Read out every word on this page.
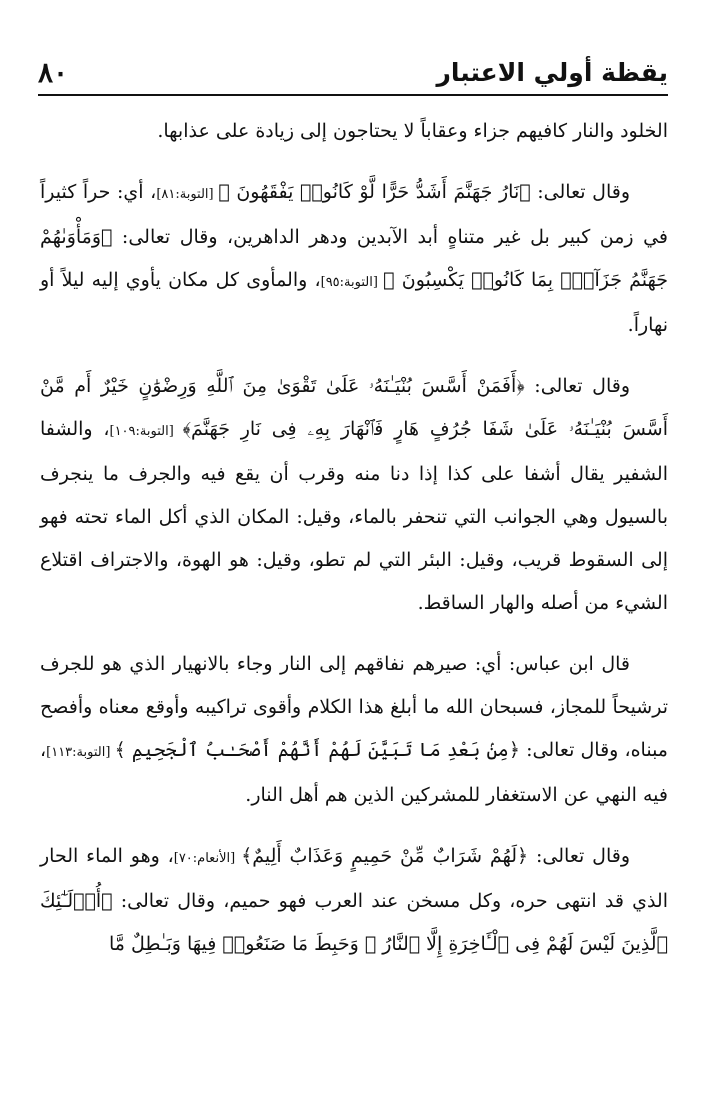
يقظة أولي الاعتبار
٨٠

الخلود والنار كافيهم جزاء وعقاباً لا يحتاجون إلى زيادة على عذابها.

وقال تعالى: ﴿نَارُ جَهَنَّمَ أَشَدُّ حَرًّا لَّوْ كَانُوا۟ يَفْقَهُونَ ﴾ [التوبة:٨١]، أي: حراً كثيراً في زمن كبير بل غير متناهٍ أبد الآبدين ودهر الداهرين، وقال تعالى: ﴿وَمَأْوَىٰهُمْ جَهَنَّمُ جَزَآءًۢ بِمَا كَانُوا۟ يَكْسِبُونَ ﴾ [التوبة:٩٥]، والمأوى كل مكان يأوي إليه ليلاً أو نهاراً.

وقال تعالى: ﴿أَفَمَنْ أَسَّسَ بُنْيَـٰنَهُۥ عَلَىٰ تَقْوَىٰ مِنَ ٱللَّهِ وَرِضْوَٰنٍ خَيْرٌ أَم مَّنْ أَسَّسَ بُنْيَـٰنَهُۥ عَلَىٰ شَفَا جُرُفٍ هَارٍ فَٱنْهَارَ بِهِۦ فِى نَارِ جَهَنَّمَ﴾ [التوبة:١٠٩]، والشفا الشفير يقال أشفا على كذا إذا دنا منه وقرب أن يقع فيه والجرف ما ينجرف بالسيول وهي الجوانب التي تنحفر بالماء، وقيل: المكان الذي أكل الماء تحته فهو إلى السقوط قريب، وقيل: البئر التي لم تطو، وقيل: هو الهوة، والاجتراف اقتلاع الشيء من أصله والهار الساقط.

قال ابن عباس: أي: صيرهم نفاقهم إلى النار وجاء بالانهيار الذي هو للجرف ترشيحاً للمجاز، فسبحان الله ما أبلغ هذا الكلام وأقوى تراكيبه وأوقع معناه وأفصح مبناه، وقال تعالى: ﴿مِنۢ بَعْدِ مَا تَبَيَّنَ لَهُمْ أَنَّهُمْ أَصْحَـٰبُ ٱلْجَحِيمِ ﴾ [التوبة:١١٣]، فيه النهي عن الاستغفار للمشركين الذين هم أهل النار.

وقال تعالى: ﴿لَهُمْ شَرَابٌ مِّنْ حَمِيمٍ وَعَذَابٌ أَلِيمٌ﴾ [الأنعام:٧٠]، وهو الماء الحار الذي قد انتهى حره، وكل مسخن عند العرب فهو حميم، وقال تعالى: ﴿أُو۟لَـٰٓئِكَ ٱلَّذِينَ لَيْسَ لَهُمْ فِى ٱلْـَٔاخِرَةِ إِلَّا ٱلنَّارُ ۖ وَحَبِطَ مَا صَنَعُوا۟ فِيهَا وَبَـٰطِلٌ مَّا
